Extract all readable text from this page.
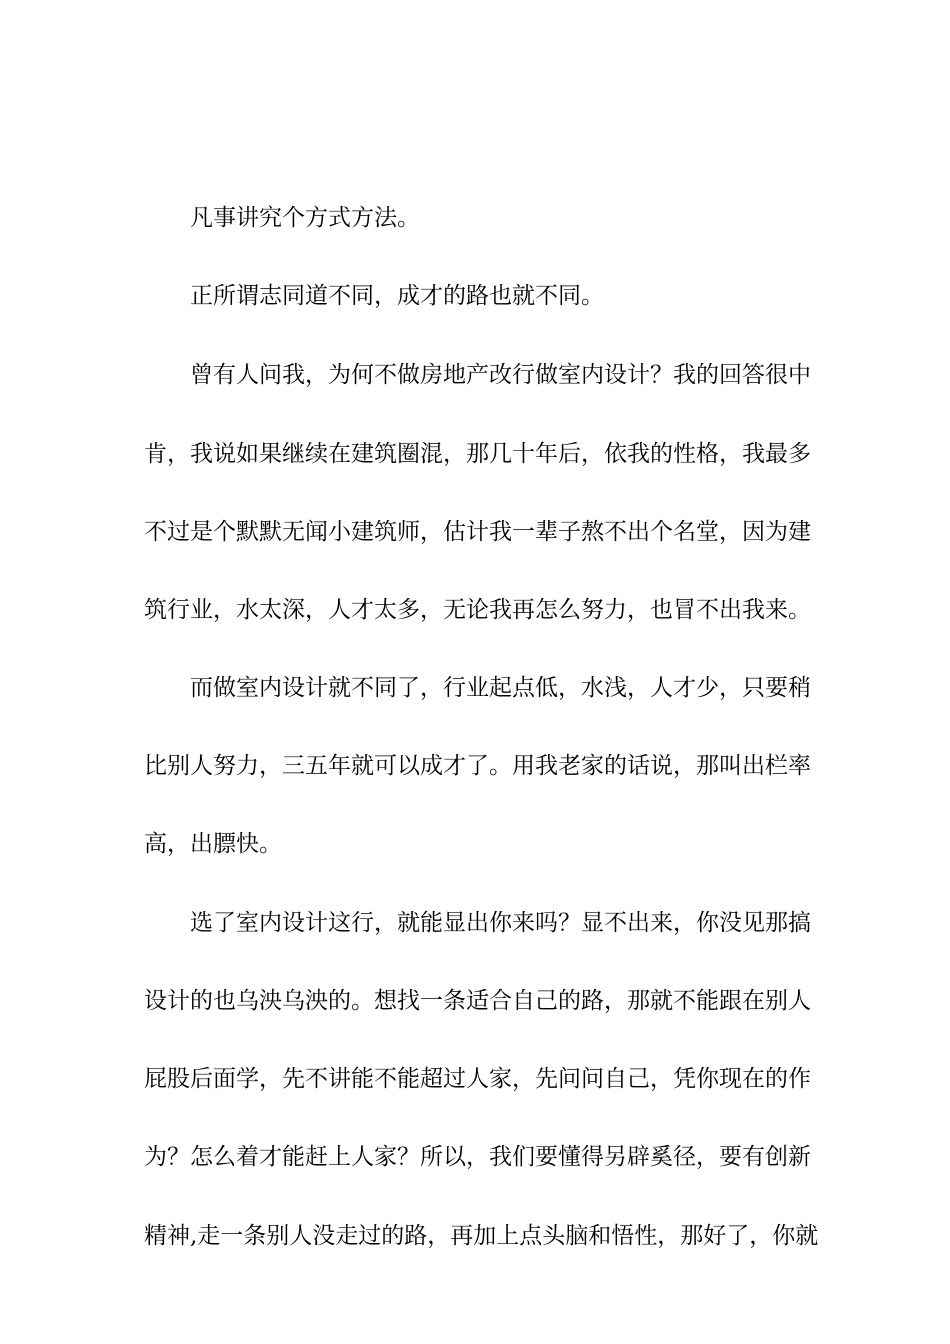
凡事讲究个方式方法。
正所谓志同道不同，成才的路也就不同。
曾有人问我，为何不做房地产改行做室内设计？我的回答很中
肯，我说如果继续在建筑圈混，那几十年后，依我的性格，我最多
不过是个默默无闻小建筑师，估计我一辈子熬不出个名堂，因为建
筑行业，水太深，人才太多，无论我再怎么努力，也冒不出我来。
而做室内设计就不同了，行业起点低，水浅，人才少，只要稍
比别人努力，三五年就可以成才了。用我老家的话说，那叫出栏率
高，出膘快。
选了室内设计这行，就能显出你来吗？显不出来，你没见那搞
设计的也乌泱乌泱的。想找一条适合自己的路，那就不能跟在别人
屁股后面学，先不讲能不能超过人家，先问问自己，凭你现在的作
为？怎么着才能赶上人家？所以，我们要懂得另辟奚径，要有创新
精神,走一条别人没走过的路，再加上点头脑和悟性，那好了，你就
